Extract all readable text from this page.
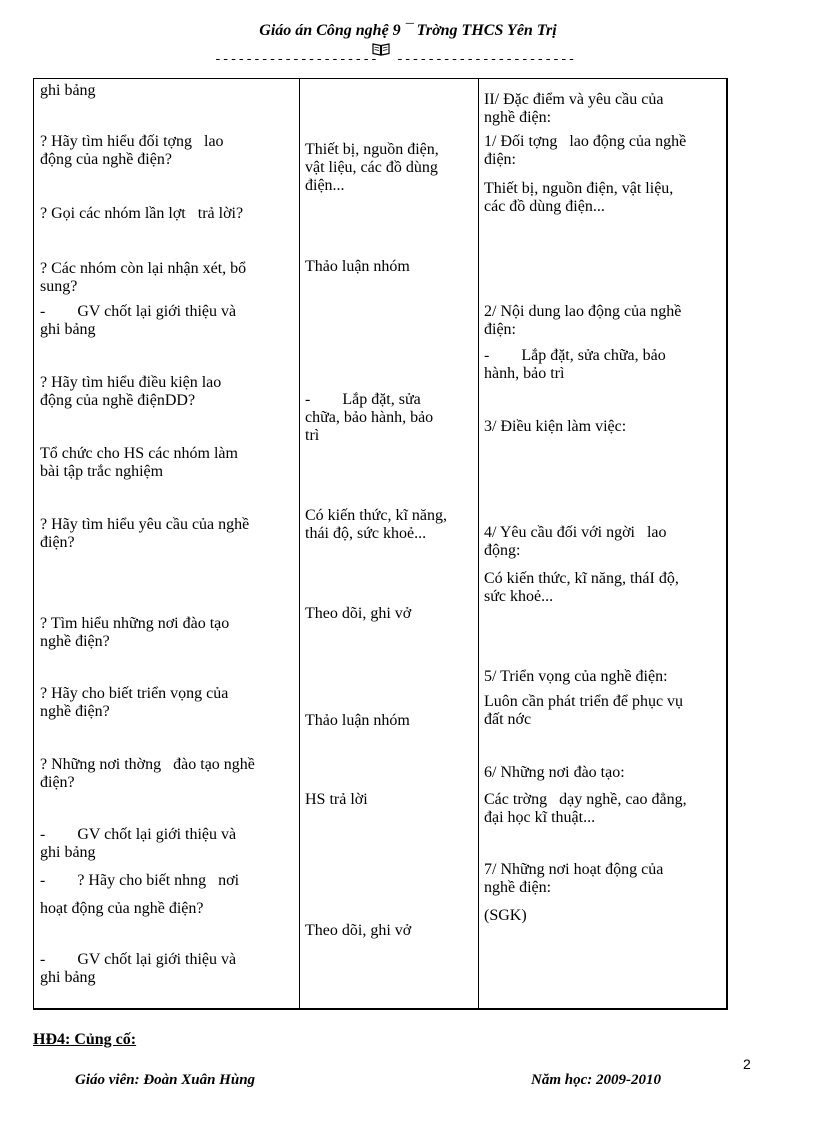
Giáo án Công nghệ 9 ¯ Trờng THCS Yên Trị
--------------------- -----------------------
ghi bảng
? Hãy tìm hiểu đối tợng   lao
động của nghề điện?
? Gọi các nhóm lần lợt   trả lời?
? Các nhóm còn lại nhận xét, bổ
sung?
-        GV chốt lại giới thiệu và
ghi bảng
? Hãy tìm hiểu điều kiện lao
động của nghề điệnDD?
Tổ chức cho HS các nhóm làm
bài tập trắc nghiệm
? Hãy tìm hiểu yêu cầu của nghề
điện?
? Tìm hiểu những nơi đào tạo
nghề điện?
? Hãy cho biết triển vọng của
nghề điện?
? Những nơi thờng   đào tạo nghề
điện?
-        GV chốt lại giới thiệu và
ghi bảng
-        ? Hãy cho biết nhng   nơi
hoạt động của nghề điện?
-        GV chốt lại giới thiệu và
ghi bảng
Thiết bị, nguồn điện,
vật liệu, các đồ dùng
điện...
Thảo luận nhóm
-        Lắp đặt, sửa
chữa, bảo hành, bảo
trì
Có kiến thức, kĩ năng,
thái độ, sức khoẻ...
Theo dõi, ghi vở
Thảo luận nhóm
HS trả lời
Theo dõi, ghi vở
II/ Đặc điểm và yêu cầu của
nghề điện:
1/ Đối tợng   lao động của nghề
điện:
Thiết bị, nguồn điện, vật liệu,
các đồ dùng điện...
2/ Nội dung lao động của nghề
điện:
-        Lắp đặt, sửa chữa, bảo
hành, bảo trì
3/ Điều kiện làm việc:
4/ Yêu cầu đối với ngời   lao
động:
Có kiến thức, kĩ năng, tháI độ,
sức khoẻ...
5/ Triển vọng của nghề điện:
Luôn cần phát triển để phục vụ
đất nớc
6/ Những nơi đào tạo:
Các trờng   dạy nghề, cao đẳng,
đại học kĩ thuật...
7/ Những nơi hoạt động của
nghề điện:
(SGK)
HĐ4: Củng cố:
2
Giáo viên: Đoàn Xuân Hùng	Năm học: 2009-2010
